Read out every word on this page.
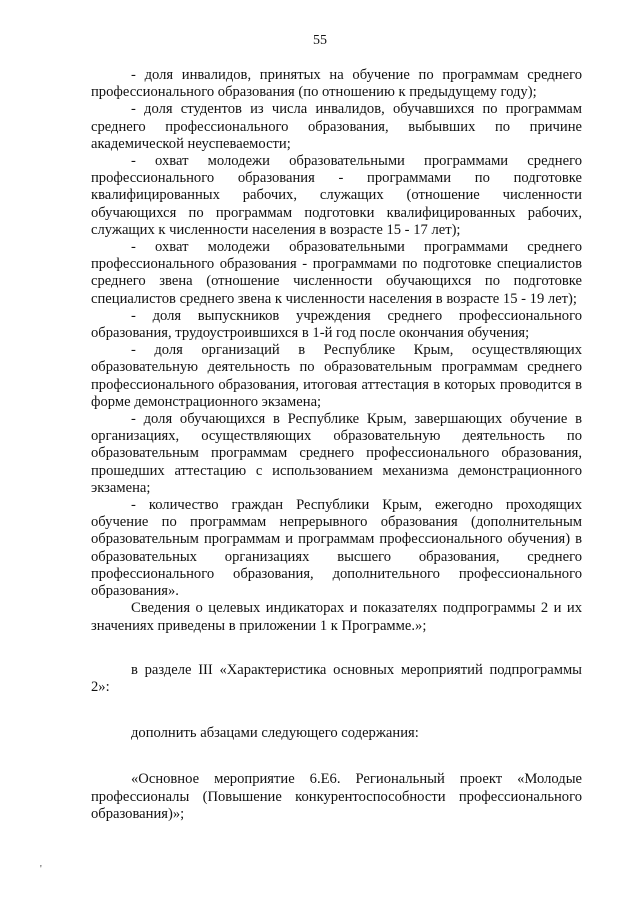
55

- доля инвалидов, принятых на обучение по программам среднего профессионального образования (по отношению к предыдущему году);

- доля студентов из числа инвалидов, обучавшихся по программам среднего профессионального образования, выбывших по причине академической неуспеваемости;

- охват молодежи образовательными программами среднего профессионального образования - программами по подготовке квалифицированных рабочих, служащих (отношение численности обучающихся по программам подготовки квалифицированных рабочих, служащих к численности населения в возрасте 15 - 17 лет);

- охват молодежи образовательными программами среднего профессионального образования - программами по подготовке специалистов среднего звена (отношение численности обучающихся по подготовке специалистов среднего звена к численности населения в возрасте 15 - 19 лет);

- доля выпускников учреждения среднего профессионального образования, трудоустроившихся в 1-й год после окончания обучения;

- доля организаций в Республике Крым, осуществляющих образовательную деятельность по образовательным программам среднего профессионального образования, итоговая аттестация в которых проводится в форме демонстрационного экзамена;

- доля обучающихся в Республике Крым, завершающих обучение в организациях, осуществляющих образовательную деятельность по образовательным программам среднего профессионального образования, прошедших аттестацию с использованием механизма демонстрационного экзамена;

- количество граждан Республики Крым, ежегодно проходящих обучение по программам непрерывного образования (дополнительным образовательным программам и программам профессионального обучения) в образовательных организациях высшего образования, среднего профессионального образования, дополнительного профессионального образования».

Сведения о целевых индикаторах и показателях подпрограммы 2 и их значениях приведены в приложении 1 к Программе.»;

в разделе III «Характеристика основных мероприятий подпрограммы 2»:

дополнить абзацами следующего содержания:

«Основное мероприятие 6.Е6. Региональный проект «Молодые профессионалы (Повышение конкурентоспособности профессионального образования)»;

'
